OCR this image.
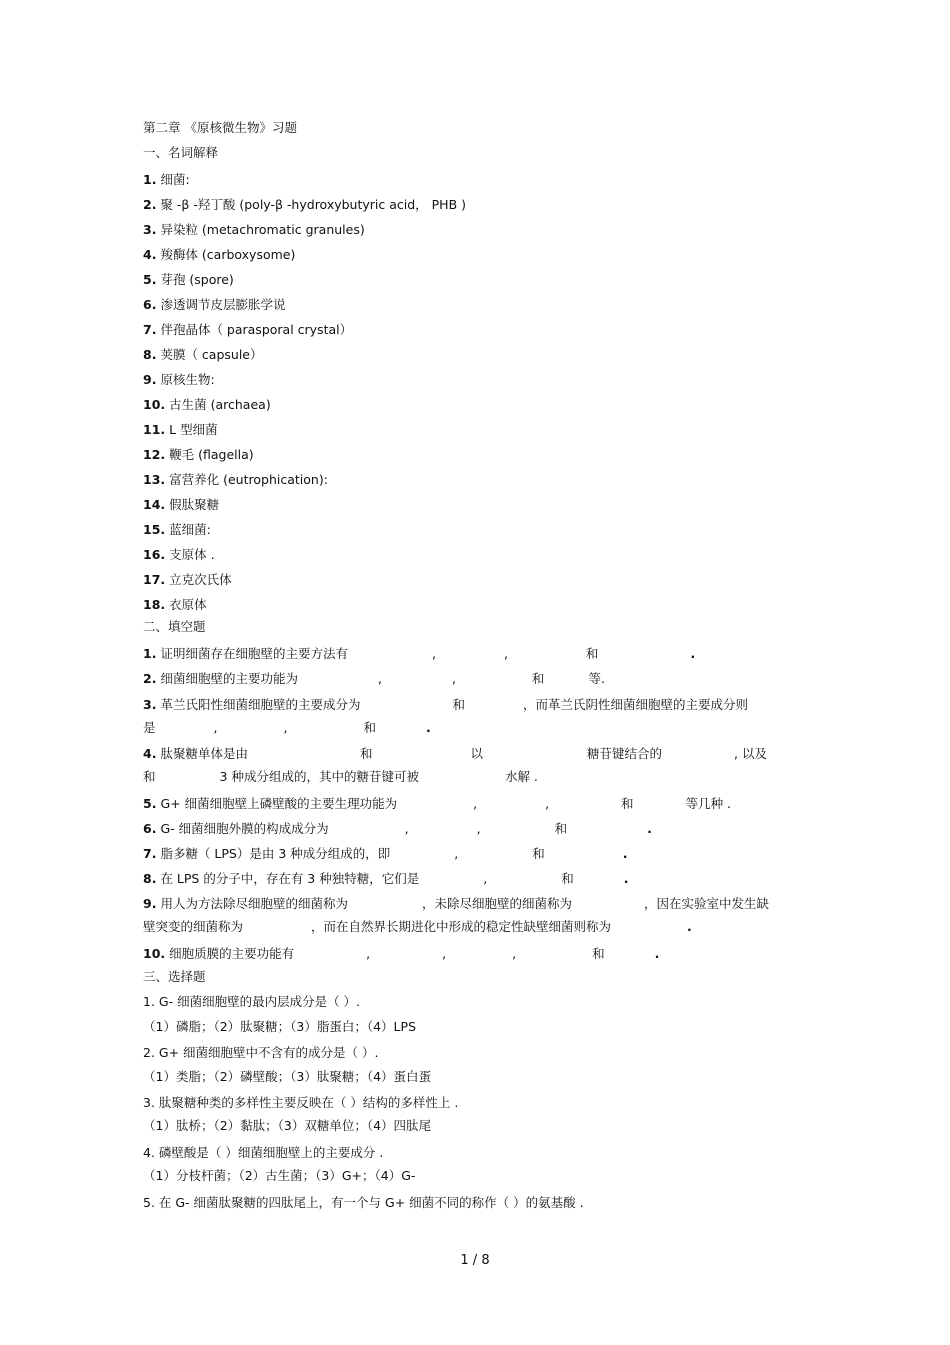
第二章 《原核微生物》习题
一、名词解释
1. 细菌:
2. 聚 -β -羟丁酸 (poly-β -hydroxybutyric acid， PHB )
3. 异染粒 (metachromatic granules)
4. 羧酶体 (carboxysome)
5. 芽孢 (spore)
6. 渗透调节皮层膨胀学说
7. 伴孢晶体（ parasporal crystal）
8. 荚膜（ capsule）
9. 原核生物:
10. 古生菌 (archaea)
11. L 型细菌
12. 鞭毛 (flagella)
13. 富营养化 (eutrophication):
14. 假肽聚糖
15. 蓝细菌:
16. 支原体 .
17. 立克次氏体
18. 衣原体
二、填空题
1. 证明细菌存在细胞壁的主要方法有	,	,	和	.
2. 细菌细胞壁的主要功能为	,	,	和	等.
3. 革兰氏阳性细菌细胞壁的主要成分为	和	，而革兰氏阴性细菌细胞壁的主要成分则
是	,	,	和	.
4. 肽聚糖单体是由	和	以	糖苷键结合的	, 以及
和	3 种成分组成的，其中的糖苷键可被	水解 .
5. G+ 细菌细胞壁上磷壁酸的主要生理功能为	,	,	和	等几种 .
6. G- 细菌细胞外膜的构成成分为	,	,	和	.
7. 脂多糖（ LPS）是由 3 种成分组成的，即	,	和	.
8. 在 LPS 的分子中，存在有 3 种独特糖，它们是	,	和	.
9. 用人为方法除尽细胞壁的细菌称为	，未除尽细胞壁的细菌称为	，因在实验室中发生缺
壁突变的细菌称为	，而在自然界长期进化中形成的稳定性缺壁细菌则称为	.
10. 细胞质膜的主要功能有	,	,	,	和	.
三、选择题
1. G- 细菌细胞壁的最内层成分是（ ）.
（1）磷脂；（2）肽聚糖；（3）脂蛋白；（4）LPS
2. G+ 细菌细胞壁中不含有的成分是（ ）.
（1）类脂；（2）磷壁酸；（3）肽聚糖；（4）蛋白蛋
3. 肽聚糖种类的多样性主要反映在（ ）结构的多样性上 .
（1）肽桥；（2）黏肽；（3）双糖单位；（4）四肽尾
4. 磷壁酸是（ ）细菌细胞壁上的主要成分 .
（1）分枝杆菌；（2）古生菌；（3）G+；（4）G-
5. 在 G- 细菌肽聚糖的四肽尾上，有一个与 G+ 细菌不同的称作（ ）的氨基酸 .
1 / 8
